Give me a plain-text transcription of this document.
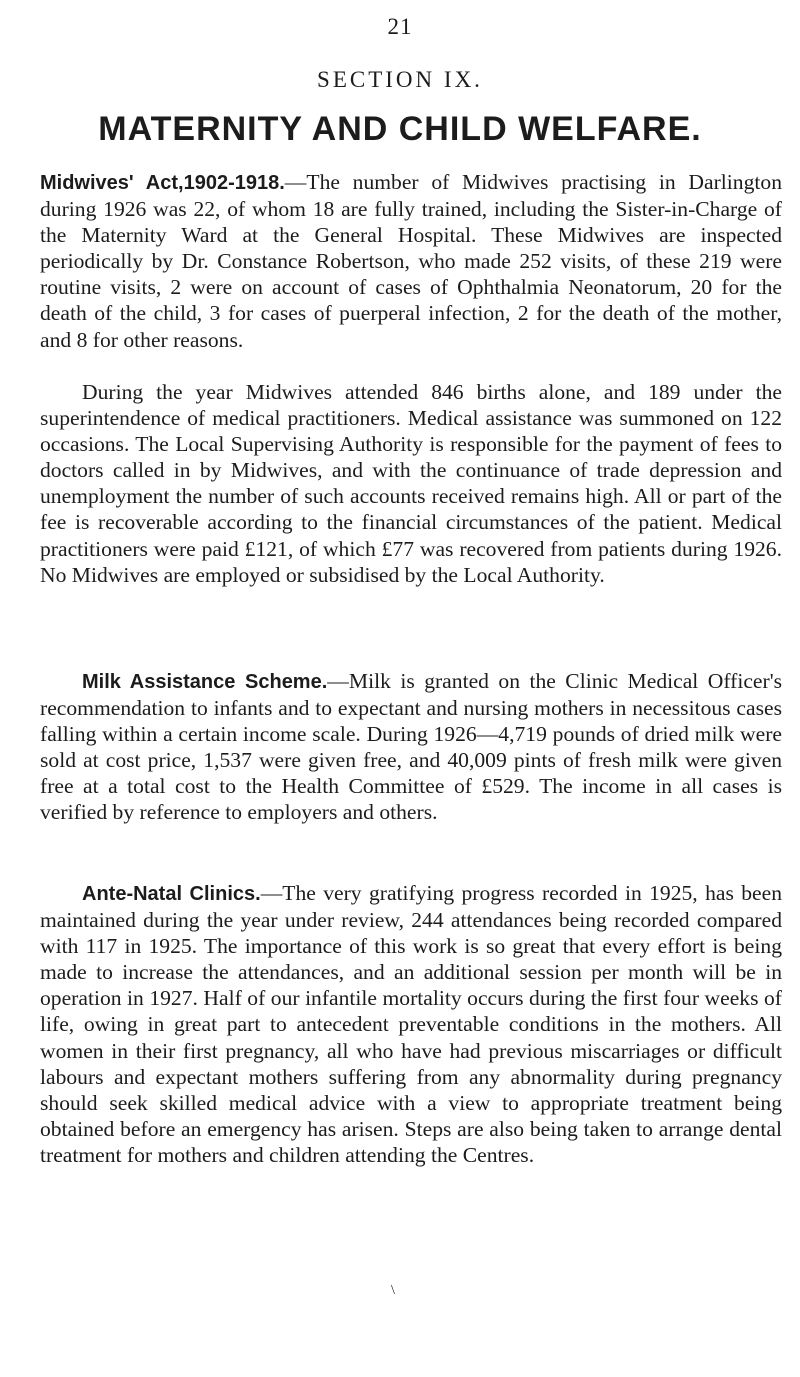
21
SECTION IX.
MATERNITY AND CHILD WELFARE.

Midwives' Act,1902-1918.—The number of Midwives practising in Darlington during 1926 was 22, of whom 18 are fully trained, including the Sister-in-Charge of the Maternity Ward at the General Hospital. These Midwives are inspected periodically by Dr. Constance Robertson, who made 252 visits, of these 219 were routine visits, 2 were on account of cases of Ophthalmia Neonatorum, 20 for the death of the child, 3 for cases of puerperal infection, 2 for the death of the mother, and 8 for other reasons.

During the year Midwives attended 846 births alone, and 189 under the superintendence of medical practitioners. Medical assistance was summoned on 122 occasions. The Local Supervising Authority is responsible for the payment of fees to doctors called in by Midwives, and with the continuance of trade depression and unemployment the number of such accounts received remains high. All or part of the fee is recoverable according to the financial circumstances of the patient. Medical practitioners were paid £121, of which £77 was recovered from patients during 1926. No Midwives are employed or subsidised by the Local Authority.

Milk Assistance Scheme.—Milk is granted on the Clinic Medical Officer's recommendation to infants and to expectant and nursing mothers in necessitous cases falling within a certain income scale. During 1926—4,719 pounds of dried milk were sold at cost price, 1,537 were given free, and 40,009 pints of fresh milk were given free at a total cost to the Health Committee of £529. The income in all cases is verified by reference to employers and others.

Ante-Natal Clinics.—The very gratifying progress recorded in 1925, has been maintained during the year under review, 244 attendances being recorded compared with 117 in 1925. The importance of this work is so great that every effort is being made to increase the attendances, and an additional session per month will be in operation in 1927. Half of our infantile mortality occurs during the first four weeks of life, owing in great part to antecedent preventable conditions in the mothers. All women in their first pregnancy, all who have had previous miscarriages or difficult labours and expectant mothers suffering from any abnormality during pregnancy should seek skilled medical advice with a view to appropriate treatment being obtained before an emergency has arisen. Steps are also being taken to arrange dental treatment for mothers and children attending the Centres.

\
